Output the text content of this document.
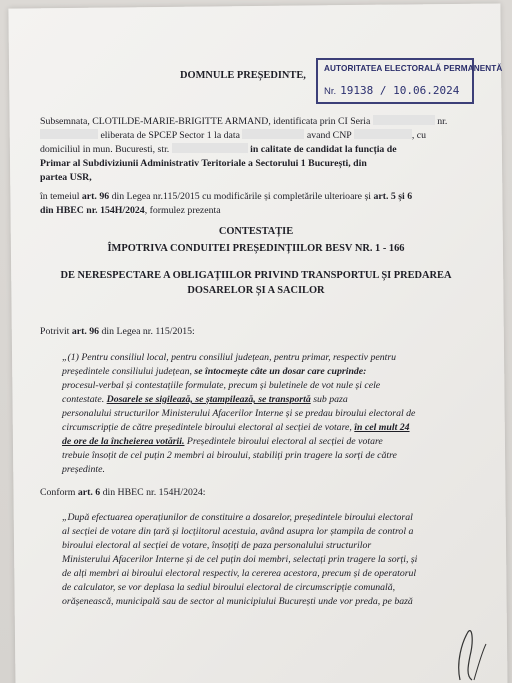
DOMNULE PREȘEDINTE,
AUTORITATEA ELECTORALĂ PERMANENTĂ
Nr. 19138 / 10.06.2024
Subsemnata, CLOTILDE-MARIE-BRIGITTE ARMAND, identificata prin CI Seria	nr.
eliberata de SPCEP Sector 1 la data	avand CNP	, cu
domiciliul in mun. Bucuresti, str.	in calitate de candidat la funcția de
Primar al Subdiviziunii Administrativ Teritoriale a Sectorului 1 București, din
partea USR,
în temeiul art. 96 din Legea nr.115/2015 cu modificările și completările ulterioare și art. 5 și 6
din HBEC nr. 154H/2024, formulez prezenta
CONTESTAȚIE
ÎMPOTRIVA CONDUITEI PREȘEDINȚIILOR BESV NR. 1 - 166
DE NERESPECTARE A OBLIGAȚIILOR PRIVIND TRANSPORTUL ȘI PREDAREA
DOSARELOR ȘI A SACILOR
Potrivit art. 96 din Legea nr. 115/2015:
„(1) Pentru consiliul local, pentru consiliul județean, pentru primar, respectiv pentru
președintele consiliului județean, se întocmește câte un dosar care cuprinde:
procesul-verbal și contestațiile formulate, precum și buletinele de vot nule și cele
contestate. Dosarele se sigilează, se ștampilează, se transportă sub paza
personalului structurilor Ministerului Afacerilor Interne și se predau biroului electoral de
circumscripție de către președintele biroului electoral al secției de votare, în cel mult 24
de ore de la încheierea votării. Președintele biroului electoral al secției de votare
trebuie însoțit de cel puțin 2 membri ai biroului, stabiliți prin tragere la sorți de către
președinte.
Conform art. 6 din HBEC nr. 154H/2024:
„După efectuarea operațiunilor de constituire a dosarelor, președintele biroului electoral
al secției de votare din țară și locțiitorul acestuia, având asupra lor ștampila de control a
biroului electoral al secției de votare, însoțiți de paza personalului structurilor
Ministerului Afacerilor Interne și de cel puțin doi membri, selectați prin tragere la sorți, și
de alți membri ai biroului electoral respectiv, la cererea acestora, precum și de operatorul
de calculator, se vor deplasa la sediul biroului electoral de circumscripție comunală,
orășenească, municipală sau de sector al municipiului București unde vor preda, pe bază
